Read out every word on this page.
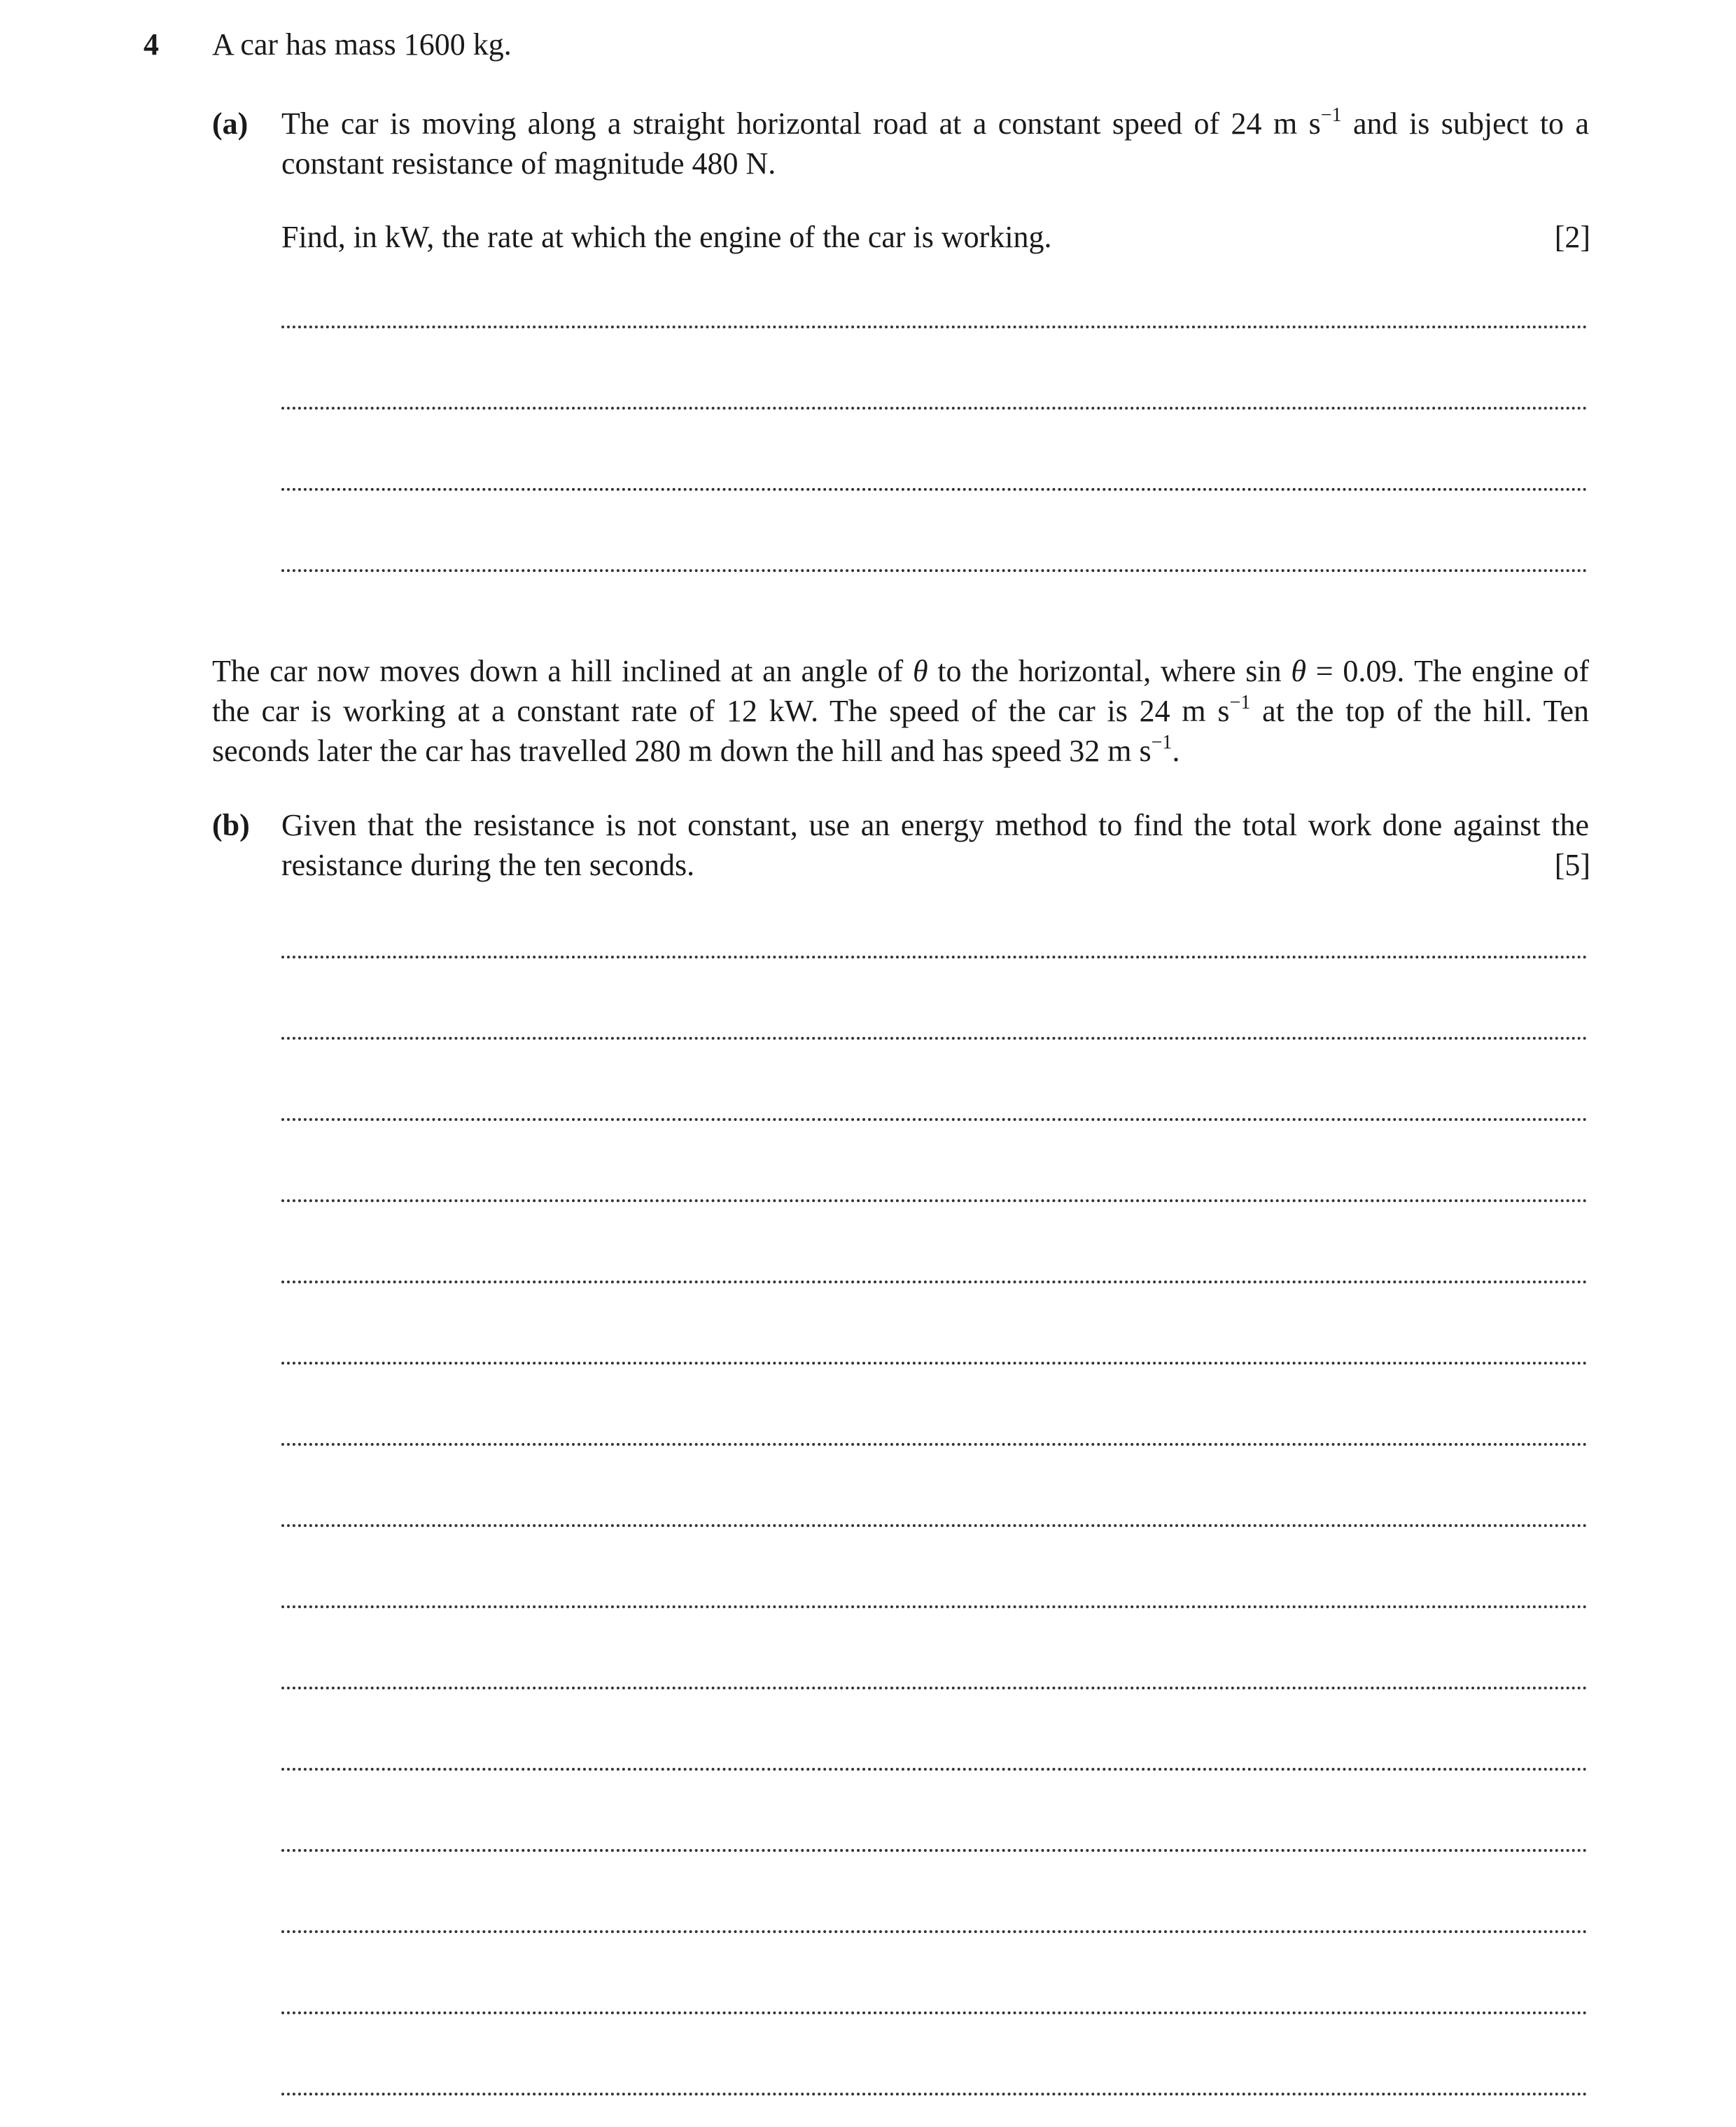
4 A car has mass 1600 kg.
(a) The car is moving along a straight horizontal road at a constant speed of 24 m $s^{-1}$ and is subject to a constant resistance of magnitude 480 N.
Find, in kW, the rate at which the engine of the car is working.	[2]
The car now moves down a hill inclined at an angle of θ to the horizontal, where sin θ = 0.09. The engine of the car is working at a constant rate of 12 kW. The speed of the car is 24 m $s^{-1}$ at the top of the hill. Ten seconds later the car has travelled 280 m down the hill and has speed 32 m $s^{-1}$.
(b) Given that the resistance is not constant, use an energy method to find the total work done against the resistance during the ten seconds.	[5]
